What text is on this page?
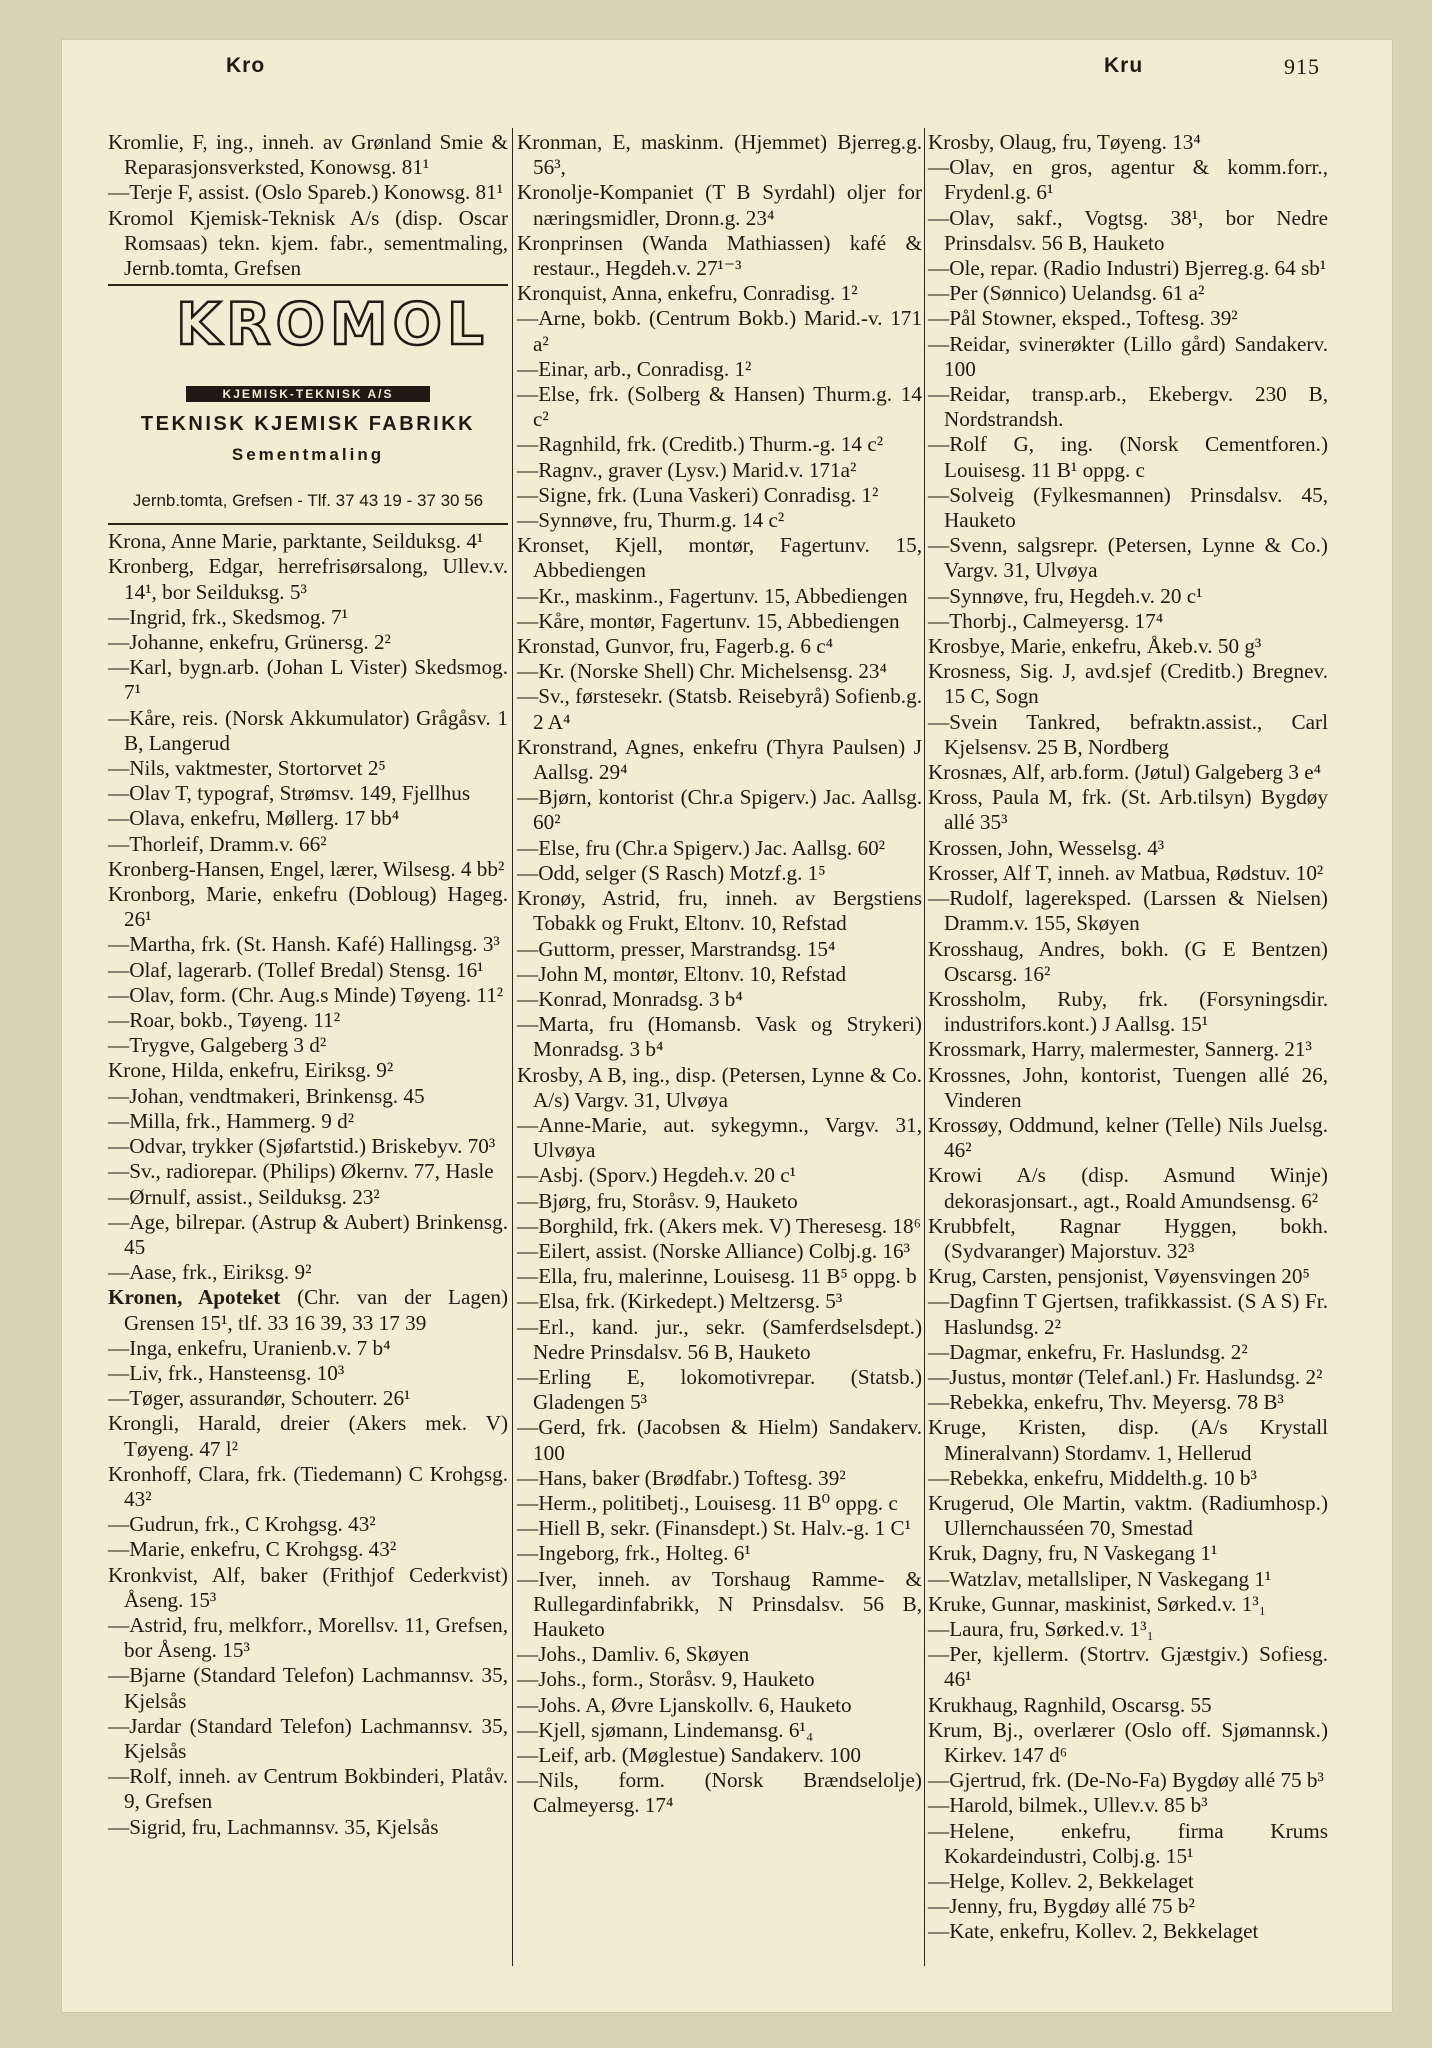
Kro	Kru	915
Kromlie, F, ing., inneh. av Grønland Smie & Reparasjonsverksted, Konowsg. 81¹
—Terje F, assist. (Oslo Spareb.) Konowsg. 81¹
Kromol Kjemisk-Teknisk A/s (disp. Oscar Romsaas) tekn. kjem. fabr., sementmaling, Jernb.tomta, Grefsen
KROMOL
KJEMISK-TEKNISK A/S
TEKNISK KJEMISK FABRIKK
Sementmaling
Jernb.tomta, Grefsen - Tlf. 37 43 19 - 37 30 56
Krona, Anne Marie, parktante, Seilduksg. 4¹
Kronberg, Edgar, herrefrisørsalong, Ullev.v. 14¹, bor Seilduksg. 5³
—Ingrid, frk., Skedsmog. 7¹
—Johanne, enkefru, Grünersg. 2²
—Karl, bygn.arb. (Johan L Vister) Skedsmog. 7¹
—Kåre, reis. (Norsk Akkumulator) Grågåsv. 1 B, Langerud
—Nils, vaktmester, Stortorvet 2⁵
—Olav T, typograf, Strømsv. 149, Fjellhus
—Olava, enkefru, Møllerg. 17 bb⁴
—Thorleif, Dramm.v. 66²
Kronberg-Hansen, Engel, lærer, Wilsesg. 4 bb²
Kronborg, Marie, enkefru (Dobloug) Hageg. 26¹
—Martha, frk. (St. Hansh. Kafé) Hallingsg. 3³
—Olaf, lagerarb. (Tollef Bredal) Stensg. 16¹
—Olav, form. (Chr. Aug.s Minde) Tøyeng. 11²
—Roar, bokb., Tøyeng. 11²
—Trygve, Galgeberg 3 d²
Krone, Hilda, enkefru, Eiriksg. 9²
—Johan, vendtmakeri, Brinkensg. 45
—Milla, frk., Hammerg. 9 d²
—Odvar, trykker (Sjøfartstid.) Briskebyv. 70³
—Sv., radiorepar. (Philips) Økernv. 77, Hasle
—Ørnulf, assist., Seilduksg. 23²
—Age, bilrepar. (Astrup & Aubert) Brinkensg. 45
—Aase, frk., Eiriksg. 9²
Kronen, Apoteket (Chr. van der Lagen) Grensen 15¹, tlf. 33 16 39, 33 17 39
—Inga, enkefru, Uranienb.v. 7 b⁴
—Liv, frk., Hansteensg. 10³
—Tøger, assurandør, Schouterr. 26¹
Krongli, Harald, dreier (Akers mek. V) Tøyeng. 47 l²
Kronhoff, Clara, frk. (Tiedemann) C Krohgsg. 43²
—Gudrun, frk., C Krohgsg. 43²
—Marie, enkefru, C Krohgsg. 43²
Kronkvist, Alf, baker (Frithjof Cederkvist) Åseng. 15³
—Astrid, fru, melkforr., Morellsv. 11, Grefsen, bor Åseng. 15³
—Bjarne (Standard Telefon) Lachmannsv. 35, Kjelsås
—Jardar (Standard Telefon) Lachmannsv. 35, Kjelsås
—Rolf, inneh. av Centrum Bokbinderi, Platåv. 9, Grefsen
—Sigrid, fru, Lachmannsv. 35, Kjelsås
Kronman, E, maskinm. (Hjemmet) Bjerreg.g. 56³,
Kronolje-Kompaniet (T B Syrdahl) oljer for næringsmidler, Dronn.g. 23⁴
Kronprinsen (Wanda Mathiassen) kafé & restaur., Hegdeh.v. 27¹⁻³
Kronquist, Anna, enkefru, Conradisg. 1²
—Arne, bokb. (Centrum Bokb.) Marid.-v. 171 a²
—Einar, arb., Conradisg. 1²
—Else, frk. (Solberg & Hansen) Thurm.g. 14 c²
—Ragnhild, frk. (Creditb.) Thurm.-g. 14 c²
—Ragnv., graver (Lysv.) Marid.v. 171a²
—Signe, frk. (Luna Vaskeri) Conradisg. 1²
—Synnøve, fru, Thurm.g. 14 c²
Kronset, Kjell, montør, Fagertunv. 15, Abbediengen
—Kr., maskinm., Fagertunv. 15, Abbediengen
—Kåre, montør, Fagertunv. 15, Abbediengen
Kronstad, Gunvor, fru, Fagerb.g. 6 c⁴
—Kr. (Norske Shell) Chr. Michelsensg. 23⁴
—Sv., førstesekr. (Statsb. Reisebyrå) Sofienb.g. 2 A⁴
Kronstrand, Agnes, enkefru (Thyra Paulsen) J Aallsg. 29⁴
—Bjørn, kontorist (Chr.a Spigerv.) Jac. Aallsg. 60²
—Else, fru (Chr.a Spigerv.) Jac. Aallsg. 60²
—Odd, selger (S Rasch) Motzf.g. 1⁵
Kronøy, Astrid, fru, inneh. av Bergstiens Tobakk og Frukt, Eltonv. 10, Refstad
—Guttorm, presser, Marstrandsg. 15⁴
—John M, montør, Eltonv. 10, Refstad
—Konrad, Monradsg. 3 b⁴
—Marta, fru (Homansb. Vask og Strykeri) Monradsg. 3 b⁴
Krosby, A B, ing., disp. (Petersen, Lynne & Co. A/s) Vargv. 31, Ulvøya
—Anne-Marie, aut. sykegymn., Vargv. 31, Ulvøya
—Asbj. (Sporv.) Hegdeh.v. 20 c¹
—Bjørg, fru, Storåsv. 9, Hauketo
—Borghild, frk. (Akers mek. V) Theresesg. 18⁶
—Eilert, assist. (Norske Alliance) Colbj.g. 16³
—Ella, fru, malerinne, Louisesg. 11 B⁵ oppg. b
—Elsa, frk. (Kirkedept.) Meltzersg. 5³
—Erl., kand. jur., sekr. (Samferdselsdept.) Nedre Prinsdalsv. 56 B, Hauketo
—Erling E, lokomotivrepar. (Statsb.) Gladengen 5³
—Gerd, frk. (Jacobsen & Hielm) Sandakerv. 100
—Hans, baker (Brødfabr.) Toftesg. 39²
—Herm., politibetj., Louisesg. 11 B⁰ oppg. c
—Hiell B, sekr. (Finansdept.) St. Halv.-g. 1 C¹
—Ingeborg, frk., Holteg. 6¹
—Iver, inneh. av Torshaug Ramme- & Rullegardinfabrikk, N Prinsdalsv. 56 B, Hauketo
—Johs., Damliv. 6, Skøyen
—Johs., form., Storåsv. 9, Hauketo
—Johs. A, Øvre Ljanskollv. 6, Hauketo
—Kjell, sjømann, Lindemansg. 6¹₄
—Leif, arb. (Møglestue) Sandakerv. 100
—Nils, form. (Norsk Brændselolje) Calmeyersg. 17⁴
Krosby, Olaug, fru, Tøyeng. 13⁴
—Olav, en gros, agentur & komm.forr., Frydenl.g. 6¹
—Olav, sakf., Vogtsg. 38¹, bor Nedre Prinsdalsv. 56 B, Hauketo
—Ole, repar. (Radio Industri) Bjerreg.g. 64 sb¹
—Per (Sønnico) Uelandsg. 61 a²
—Pål Stowner, eksped., Toftesg. 39²
—Reidar, svinerøkter (Lillo gård) Sandakerv. 100
—Reidar, transp.arb., Ekebergv. 230 B, Nordstrandsh.
—Rolf G, ing. (Norsk Cementforen.) Louisesg. 11 B¹ oppg. c
—Solveig (Fylkesmannen) Prinsdalsv. 45, Hauketo
—Svenn, salgsrepr. (Petersen, Lynne & Co.) Vargv. 31, Ulvøya
—Synnøve, fru, Hegdeh.v. 20 c¹
—Thorbj., Calmeyersg. 17⁴
Krosbye, Marie, enkefru, Åkeb.v. 50 g³
Krosness, Sig. J, avd.sjef (Creditb.) Bregnev. 15 C, Sogn
—Svein Tankred, befraktn.assist., Carl Kjelsensv. 25 B, Nordberg
Krosnæs, Alf, arb.form. (Jøtul) Galgeberg 3 e⁴
Kross, Paula M, frk. (St. Arb.tilsyn) Bygdøy allé 35³
Krossen, John, Wesselsg. 4³
Krosser, Alf T, inneh. av Matbua, Rødstuv. 10²
—Rudolf, lagereksped. (Larssen & Nielsen) Dramm.v. 155, Skøyen
Krosshaug, Andres, bokh. (G E Bentzen) Oscarsg. 16²
Krossholm, Ruby, frk. (Forsyningsdir. industrifors.kont.) J Aallsg. 15¹
Krossmark, Harry, malermester, Sannerg. 21³
Krossnes, John, kontorist, Tuengen allé 26, Vinderen
Krossøy, Oddmund, kelner (Telle) Nils Juelsg. 46²
Krowi A/s (disp. Asmund Winje) dekorasjonsart., agt., Roald Amundsensg. 6²
Krubbfelt, Ragnar Hyggen, bokh. (Sydvaranger) Majorstuv. 32³
Krug, Carsten, pensjonist, Vøyensvingen 20⁵
—Dagfinn T Gjertsen, trafikkassist. (S A S) Fr. Haslundsg. 2²
—Dagmar, enkefru, Fr. Haslundsg. 2²
—Justus, montør (Telef.anl.) Fr. Haslundsg. 2²
—Rebekka, enkefru, Thv. Meyersg. 78 B³
Kruge, Kristen, disp. (A/s Krystall Mineralvann) Stordamv. 1, Hellerud
—Rebekka, enkefru, Middelth.g. 10 b³
Krugerud, Ole Martin, vaktm. (Radiumhosp.) Ullernchausséen 70, Smestad
Kruk, Dagny, fru, N Vaskegang 1¹
—Watzlav, metallsliper, N Vaskegang 1¹
Kruke, Gunnar, maskinist, Sørked.v. 1³₁
—Laura, fru, Sørked.v. 1³₁
—Per, kjellerm. (Stortrv. Gjæstgiv.) Sofiesg. 46¹
Krukhaug, Ragnhild, Oscarsg. 55
Krum, Bj., overlærer (Oslo off. Sjømannsk.) Kirkev. 147 d⁶
—Gjertrud, frk. (De-No-Fa) Bygdøy allé 75 b³
—Harold, bilmek., Ullev.v. 85 b³
—Helene, enkefru, firma Krums Kokardeindustri, Colbj.g. 15¹
—Helge, Kollev. 2, Bekkelaget
—Jenny, fru, Bygdøy allé 75 b²
—Kate, enkefru, Kollev. 2, Bekkelaget
